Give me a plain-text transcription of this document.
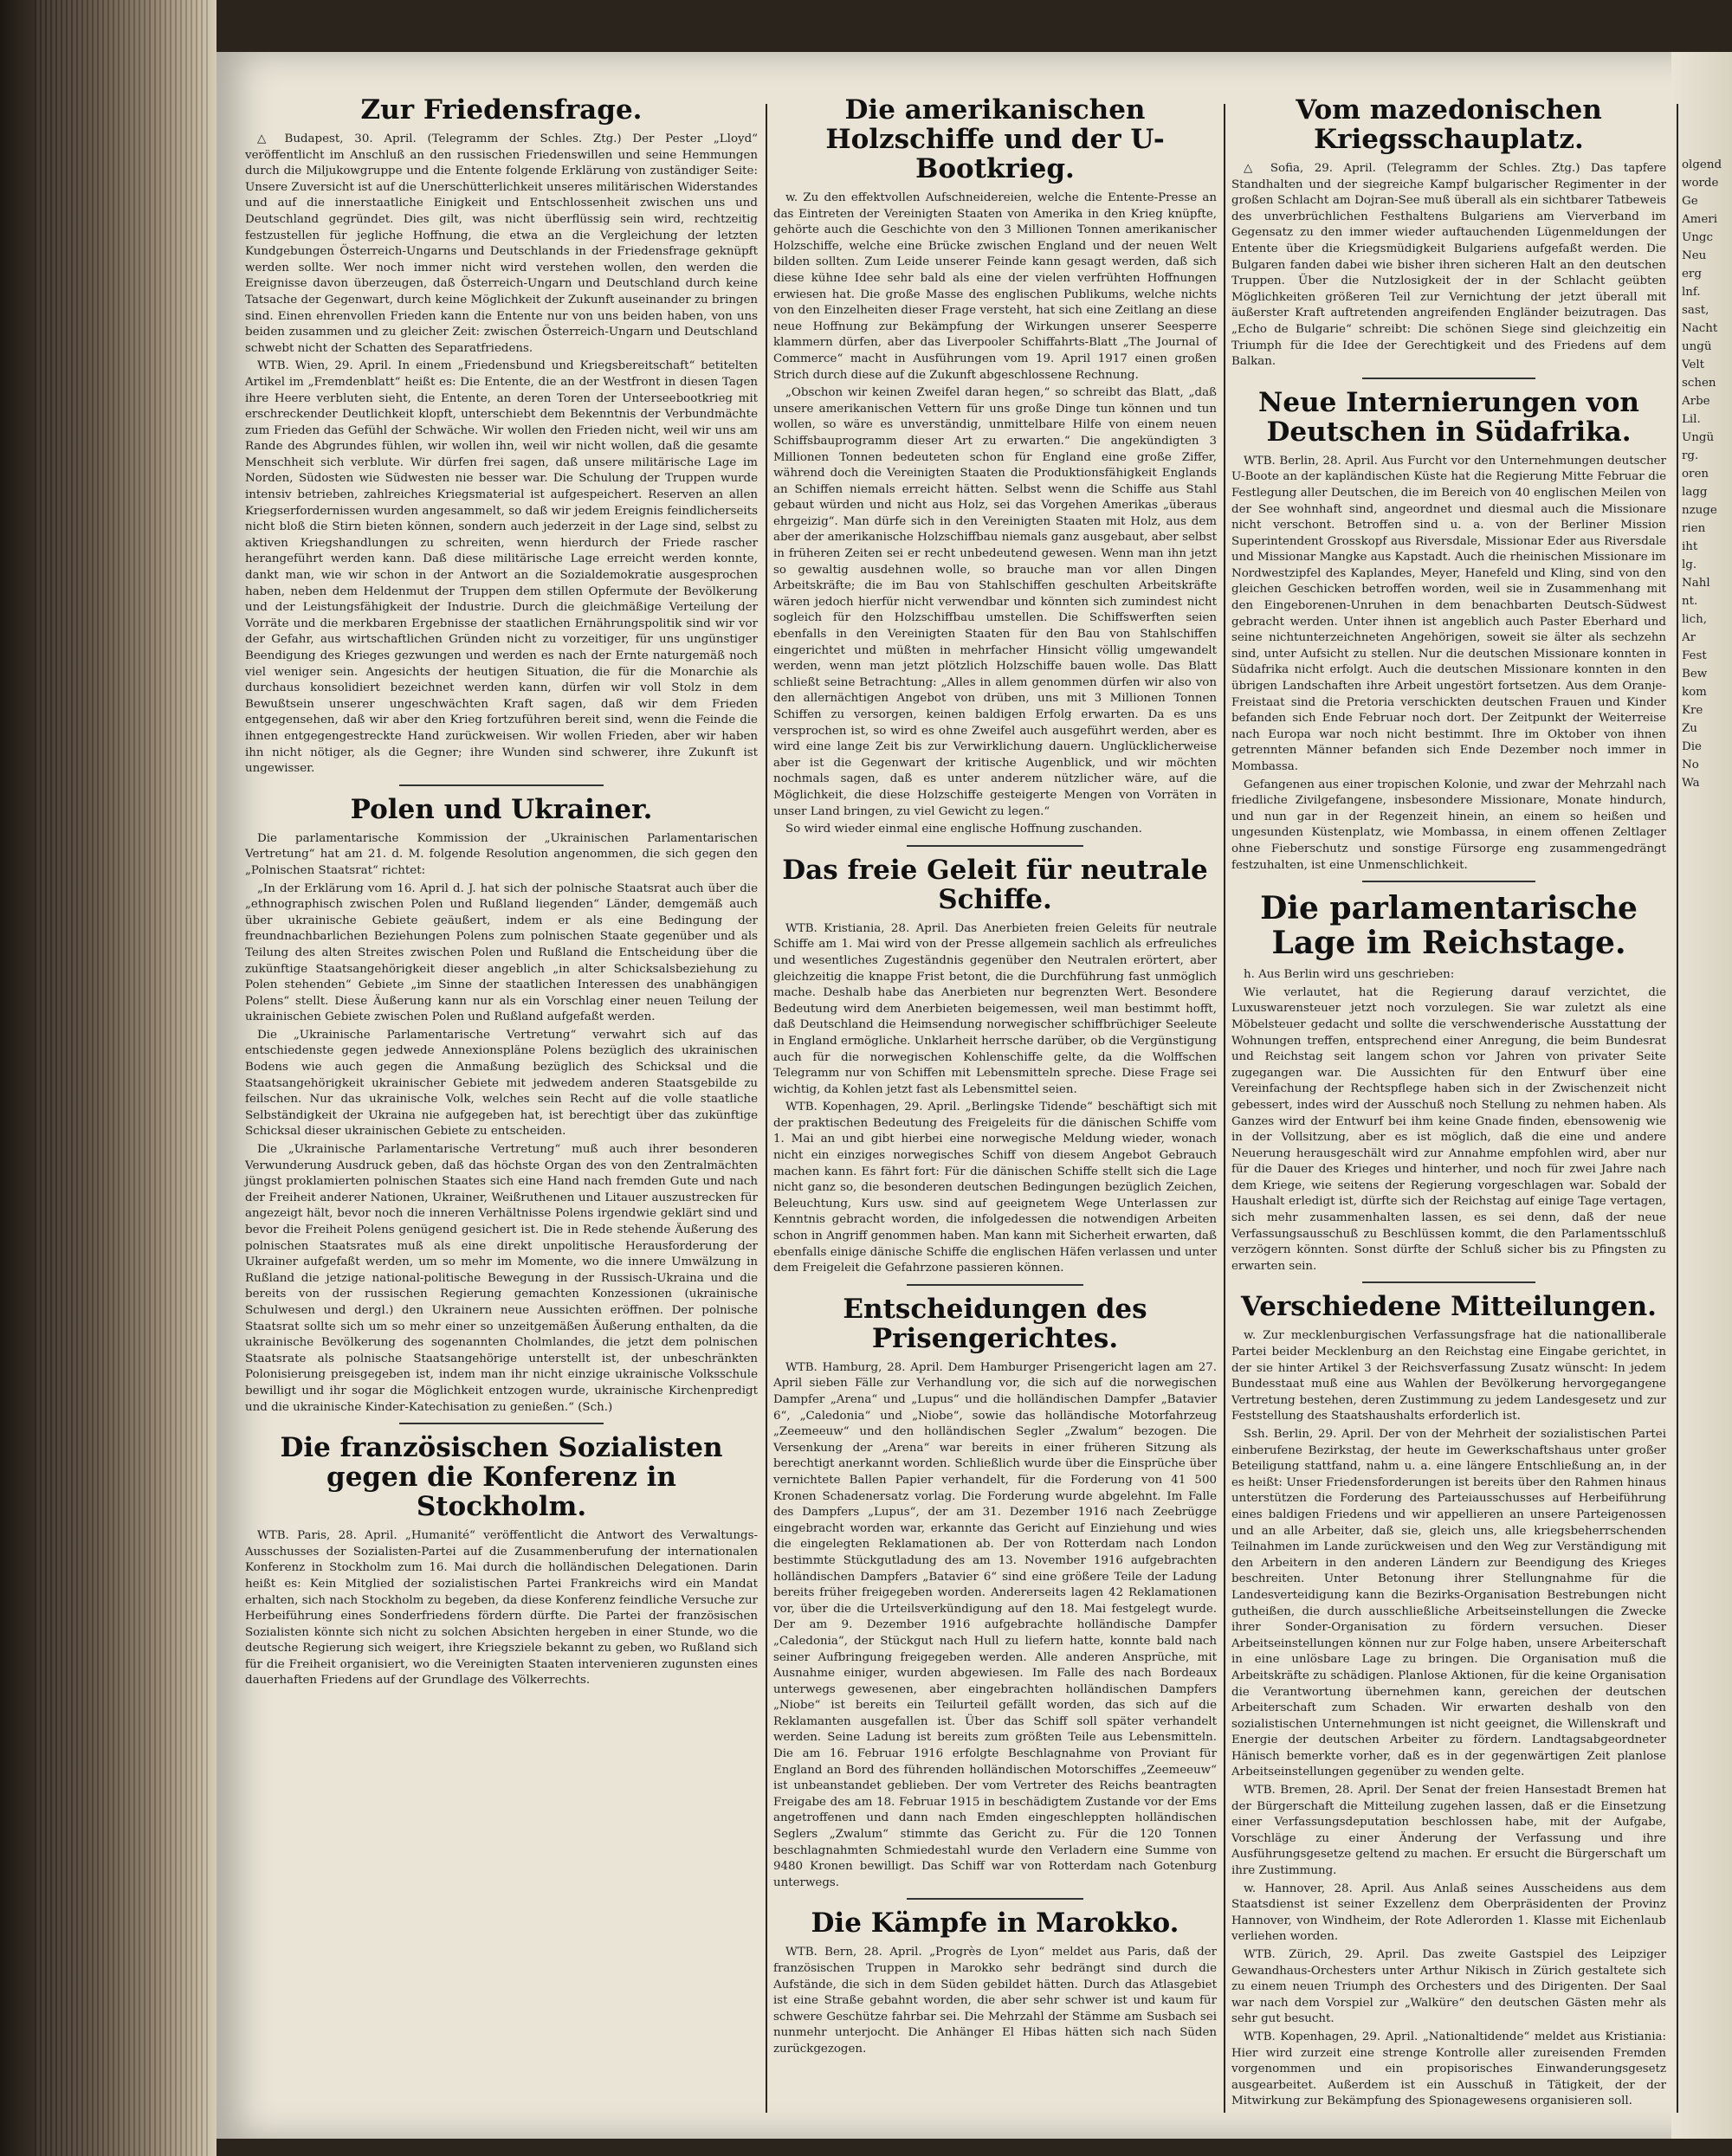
Zur Friedensfrage.
△ Budapest, 30. April. (Telegramm der Schles. Ztg.) Der Pester „Lloyd“ veröffentlicht im Anschluß an den russischen Friedenswillen und seine Hemmungen durch die Miljukowgruppe und die Entente folgende Erklärung von zuständiger Seite: Unsere Zuversicht ist auf die Unerschütterlichkeit unseres militärischen Widerstandes und auf die innerstaatliche Einigkeit und Entschlossenheit zwischen uns und Deutschland gegründet. Dies gilt, was nicht überflüssig sein wird, rechtzeitig festzustellen für jegliche Hoffnung, die etwa an die Vergleichung der letzten Kundgebungen Österreich-Ungarns und Deutschlands in der Friedensfrage geknüpft werden sollte. Wer noch immer nicht wird verstehen wollen, den werden die Ereignisse davon überzeugen, daß Österreich-Ungarn und Deutschland durch keine Tatsache der Gegenwart, durch keine Möglichkeit der Zukunft auseinander zu bringen sind. Einen ehrenvollen Frieden kann die Entente nur von uns beiden haben, von uns beiden zusammen und zu gleicher Zeit: zwischen Österreich-Ungarn und Deutschland schwebt nicht der Schatten des Separatfriedens.
WTB. Wien, 29. April. In einem „Friedensbund und Kriegsbereitschaft“ betitelten Artikel im „Fremdenblatt“ heißt es: Die Entente, die an der Westfront in diesen Tagen ihre Heere verbluten sieht, die Entente, an deren Toren der Unterseebootkrieg mit erschreckender Deutlichkeit klopft, unterschiebt dem Bekenntnis der Verbundmächte zum Frieden das Gefühl der Schwäche. Wir wollen den Frieden nicht, weil wir uns am Rande des Abgrundes fühlen, wir wollen ihn, weil wir nicht wollen, daß die gesamte Menschheit sich verblute. Wir dürfen frei sagen, daß unsere militärische Lage im Norden, Südosten wie Südwesten nie besser war. Die Schulung der Truppen wurde intensiv betrieben, zahlreiches Kriegsmaterial ist aufgespeichert. Reserven an allen Kriegserfordernissen wurden angesammelt, so daß wir jedem Ereignis feindlicherseits nicht bloß die Stirn bieten können, sondern auch jederzeit in der Lage sind, selbst zu aktiven Kriegshandlungen zu schreiten, wenn hierdurch der Friede rascher herangeführt werden kann. Daß diese militärische Lage erreicht werden konnte, dankt man, wie wir schon in der Antwort an die Sozialdemokratie ausgesprochen haben, neben dem Heldenmut der Truppen dem stillen Opfermute der Bevölkerung und der Leistungsfähigkeit der Industrie. Durch die gleichmäßige Verteilung der Vorräte und die merkbaren Ergebnisse der staatlichen Ernährungspolitik sind wir vor der Gefahr, aus wirtschaftlichen Gründen nicht zu vorzeitiger, für uns ungünstiger Beendigung des Krieges gezwungen und werden es nach der Ernte naturgemäß noch viel weniger sein. Angesichts der heutigen Situation, die für die Monarchie als durchaus konsolidiert bezeichnet werden kann, dürfen wir voll Stolz in dem Bewußtsein unserer ungeschwächten Kraft sagen, daß wir dem Frieden entgegensehen, daß wir aber den Krieg fortzuführen bereit sind, wenn die Feinde die ihnen entgegengestreckte Hand zurückweisen. Wir wollen Frieden, aber wir haben ihn nicht nötiger, als die Gegner; ihre Wunden sind schwerer, ihre Zukunft ist ungewisser.
Polen und Ukrainer.
Die parlamentarische Kommission der „Ukrainischen Parlamentarischen Vertretung“ hat am 21. d. M. folgende Resolution angenommen, die sich gegen den „Polnischen Staatsrat“ richtet:
„In der Erklärung vom 16. April d. J. hat sich der polnische Staatsrat auch über die „ethnographisch zwischen Polen und Rußland liegenden“ Länder, demgemäß auch über ukrainische Gebiete geäußert, indem er als eine Bedingung der freundnachbarlichen Beziehungen Polens zum polnischen Staate gegenüber und als Teilung des alten Streites zwischen Polen und Rußland die Entscheidung über die zukünftige Staatsangehörigkeit dieser angeblich „in alter Schicksalsbeziehung zu Polen stehenden“ Gebiete „im Sinne der staatlichen Interessen des unabhängigen Polens“ stellt. Diese Äußerung kann nur als ein Vorschlag einer neuen Teilung der ukrainischen Gebiete zwischen Polen und Rußland aufgefaßt werden.
Die „Ukrainische Parlamentarische Vertretung“ verwahrt sich auf das entschiedenste gegen jedwede Annexionspläne Polens bezüglich des ukrainischen Bodens wie auch gegen die Anmaßung bezüglich des Schicksal und die Staatsangehörigkeit ukrainischer Gebiete mit jedwedem anderen Staatsgebilde zu feilschen. Nur das ukrainische Volk, welches sein Recht auf die volle staatliche Selbständigkeit der Ukraina nie aufgegeben hat, ist berechtigt über das zukünftige Schicksal dieser ukrainischen Gebiete zu entscheiden.
Die „Ukrainische Parlamentarische Vertretung“ muß auch ihrer besonderen Verwunderung Ausdruck geben, daß das höchste Organ des von den Zentralmächten jüngst proklamierten polnischen Staates sich eine Hand nach fremden Gute und nach der Freiheit anderer Nationen, Ukrainer, Weißruthenen und Litauer auszustrecken für angezeigt hält, bevor noch die inneren Verhältnisse Polens irgendwie geklärt sind und bevor die Freiheit Polens genügend gesichert ist. Die in Rede stehende Äußerung des polnischen Staatsrates muß als eine direkt unpolitische Herausforderung der Ukrainer aufgefaßt werden, um so mehr im Momente, wo die innere Umwälzung in Rußland die jetzige national-politische Bewegung in der Russisch-Ukraina und die bereits von der russischen Regierung gemachten Konzessionen (ukrainische Schulwesen und dergl.) den Ukrainern neue Aussichten eröffnen. Der polnische Staatsrat sollte sich um so mehr einer so unzeitgemäßen Äußerung enthalten, da die ukrainische Bevölkerung des sogenannten Cholmlandes, die jetzt dem polnischen Staatsrate als polnische Staatsangehörige unterstellt ist, der unbeschränkten Polonisierung preisgegeben ist, indem man ihr nicht einzige ukrainische Volksschule bewilligt und ihr sogar die Möglichkeit entzogen wurde, ukrainische Kirchenpredigt und die ukrainische Kinder-Katechisation zu genießen.“ (Sch.)
Die französischen Sozialisten gegen die Konferenz in Stockholm.
WTB. Paris, 28. April. „Humanité“ veröffentlicht die Antwort des Verwaltungs-Ausschusses der Sozialisten-Partei auf die Zusammenberufung der internationalen Konferenz in Stockholm zum 16. Mai durch die holländischen Delegationen. Darin heißt es: Kein Mitglied der sozialistischen Partei Frankreichs wird ein Mandat erhalten, sich nach Stockholm zu begeben, da diese Konferenz feindliche Versuche zur Herbeiführung eines Sonderfriedens fördern dürfte. Die Partei der französischen Sozialisten könnte sich nicht zu solchen Absichten hergeben in einer Stunde, wo die deutsche Regierung sich weigert, ihre Kriegsziele bekannt zu geben, wo Rußland sich für die Freiheit organisiert, wo die Vereinigten Staaten intervenieren zugunsten eines dauerhaften Friedens auf der Grundlage des Völkerrechts.
Die amerikanischen Holzschiffe und der U-Bootkrieg.
w. Zu den effektvollen Aufschneidereien, welche die Entente-Presse an das Eintreten der Vereinigten Staaten von Amerika in den Krieg knüpfte, gehörte auch die Geschichte von den 3 Millionen Tonnen amerikanischer Holzschiffe, welche eine Brücke zwischen England und der neuen Welt bilden sollten. Zum Leide unserer Feinde kann gesagt werden, daß sich diese kühne Idee sehr bald als eine der vielen verfrühten Hoffnungen erwiesen hat. Die große Masse des englischen Publikums, welche nichts von den Einzelheiten dieser Frage versteht, hat sich eine Zeitlang an diese neue Hoffnung zur Bekämpfung der Wirkungen unserer Seesperre klammern dürfen, aber das Liverpooler Schiffahrts-Blatt „The Journal of Commerce“ macht in Ausführungen vom 19. April 1917 einen großen Strich durch diese auf die Zukunft abgeschlossene Rechnung.
„Obschon wir keinen Zweifel daran hegen,“ so schreibt das Blatt, „daß unsere amerikanischen Vettern für uns große Dinge tun können und tun wollen, so wäre es unverständig, unmittelbare Hilfe von einem neuen Schiffsbauprogramm dieser Art zu erwarten.“ Die angekündigten 3 Millionen Tonnen bedeuteten schon für England eine große Ziffer, während doch die Vereinigten Staaten die Produktionsfähigkeit Englands an Schiffen niemals erreicht hätten. Selbst wenn die Schiffe aus Stahl gebaut würden und nicht aus Holz, sei das Vorgehen Amerikas „überaus ehrgeizig“. Man dürfe sich in den Vereinigten Staaten mit Holz, aus dem aber der amerikanische Holzschiffbau niemals ganz ausgebaut, aber selbst in früheren Zeiten sei er recht unbedeutend gewesen. Wenn man ihn jetzt so gewaltig ausdehnen wolle, so brauche man vor allen Dingen Arbeitskräfte; die im Bau von Stahlschiffen geschulten Arbeitskräfte wären jedoch hierfür nicht verwendbar und könnten sich zumindest nicht sogleich für den Holzschiffbau umstellen. Die Schiffswerften seien ebenfalls in den Vereinigten Staaten für den Bau von Stahlschiffen eingerichtet und müßten in mehrfacher Hinsicht völlig umgewandelt werden, wenn man jetzt plötzlich Holzschiffe bauen wolle. Das Blatt schließt seine Betrachtung: „Alles in allem genommen dürfen wir also von den allernächtigen Angebot von drüben, uns mit 3 Millionen Tonnen Schiffen zu versorgen, keinen baldigen Erfolg erwarten. Da es uns versprochen ist, so wird es ohne Zweifel auch ausgeführt werden, aber es wird eine lange Zeit bis zur Verwirklichung dauern. Unglücklicherweise aber ist die Gegenwart der kritische Augenblick, und wir möchten nochmals sagen, daß es unter anderem nützlicher wäre, auf die Möglichkeit, die diese Holzschiffe gesteigerte Mengen von Vorräten in unser Land bringen, zu viel Gewicht zu legen.“
So wird wieder einmal eine englische Hoffnung zuschanden.
Das freie Geleit für neutrale Schiffe.
WTB. Kristiania, 28. April. Das Anerbieten freien Geleits für neutrale Schiffe am 1. Mai wird von der Presse allgemein sachlich als erfreuliches und wesentliches Zugeständnis gegenüber den Neutralen erörtert, aber gleichzeitig die knappe Frist betont, die die Durchführung fast unmöglich mache. Deshalb habe das Anerbieten nur begrenzten Wert. Besondere Bedeutung wird dem Anerbieten beigemessen, weil man bestimmt hofft, daß Deutschland die Heimsendung norwegischer schiffbrüchiger Seeleute in England ermögliche. Unklarheit herrsche darüber, ob die Vergünstigung auch für die norwegischen Kohlenschiffe gelte, da die Wolffschen Telegramm nur von Schiffen mit Lebensmitteln spreche. Diese Frage sei wichtig, da Kohlen jetzt fast als Lebensmittel seien.
WTB. Kopenhagen, 29. April. „Berlingske Tidende“ beschäftigt sich mit der praktischen Bedeutung des Freigeleits für die dänischen Schiffe vom 1. Mai an und gibt hierbei eine norwegische Meldung wieder, wonach nicht ein einziges norwegisches Schiff von diesem Angebot Gebrauch machen kann. Es fährt fort: Für die dänischen Schiffe stellt sich die Lage nicht ganz so, die besonderen deutschen Bedingungen bezüglich Zeichen, Beleuchtung, Kurs usw. sind auf geeignetem Wege Unterlassen zur Kenntnis gebracht worden, die infolgedessen die notwendigen Arbeiten schon in Angriff genommen haben. Man kann mit Sicherheit erwarten, daß ebenfalls einige dänische Schiffe die englischen Häfen verlassen und unter dem Freigeleit die Gefahrzone passieren können.
Entscheidungen des Prisengerichtes.
WTB. Hamburg, 28. April. Dem Hamburger Prisengericht lagen am 27. April sieben Fälle zur Verhandlung vor, die sich auf die norwegischen Dampfer „Arena“ und „Lupus“ und die holländischen Dampfer „Batavier 6“, „Caledonia“ und „Niobe“, sowie das holländische Motorfahrzeug „Zeemeeuw“ und den holländischen Segler „Zwalum“ bezogen. Die Versenkung der „Arena“ war bereits in einer früheren Sitzung als berechtigt anerkannt worden. Schließlich wurde über die Einsprüche über vernichtete Ballen Papier verhandelt, für die Forderung von 41 500 Kronen Schadenersatz vorlag. Die Forderung wurde abgelehnt. Im Falle des Dampfers „Lupus“, der am 31. Dezember 1916 nach Zeebrügge eingebracht worden war, erkannte das Gericht auf Einziehung und wies die eingelegten Reklamationen ab. Der von Rotterdam nach London bestimmte Stückgutladung des am 13. November 1916 aufgebrachten holländischen Dampfers „Batavier 6“ sind eine größere Teile der Ladung bereits früher freigegeben worden. Andererseits lagen 42 Reklamationen vor, über die die Urteilsverkündigung auf den 18. Mai festgelegt wurde. Der am 9. Dezember 1916 aufgebrachte holländische Dampfer „Caledonia“, der Stückgut nach Hull zu liefern hatte, konnte bald nach seiner Aufbringung freigegeben werden. Alle anderen Ansprüche, mit Ausnahme einiger, wurden abgewiesen. Im Falle des nach Bordeaux unterwegs gewesenen, aber eingebrachten holländischen Dampfers „Niobe“ ist bereits ein Teilurteil gefällt worden, das sich auf die Reklamanten ausgefallen ist. Über das Schiff soll später verhandelt werden. Seine Ladung ist bereits zum größten Teile aus Lebensmitteln. Die am 16. Februar 1916 erfolgte Beschlagnahme von Proviant für England an Bord des führenden holländischen Motorschiffes „Zeemeeuw“ ist unbeanstandet geblieben. Der vom Vertreter des Reichs beantragten Freigabe des am 18. Februar 1915 in beschädigtem Zustande vor der Ems angetroffenen und dann nach Emden eingeschleppten holländischen Seglers „Zwalum“ stimmte das Gericht zu. Für die 120 Tonnen beschlagnahmten Schmiedestahl wurde den Verladern eine Summe von 9480 Kronen bewilligt. Das Schiff war von Rotterdam nach Gotenburg unterwegs.
Die Kämpfe in Marokko.
WTB. Bern, 28. April. „Progrès de Lyon“ meldet aus Paris, daß der französischen Truppen in Marokko sehr bedrängt sind durch die Aufstände, die sich in dem Süden gebildet hätten. Durch das Atlasgebiet ist eine Straße gebahnt worden, die aber sehr schwer ist und kaum für schwere Geschütze fahrbar sei. Die Mehrzahl der Stämme am Susbach sei nunmehr unterjocht. Die Anhänger El Hibas hätten sich nach Süden zurückgezogen.
Vom mazedonischen Kriegsschauplatz.
△ Sofia, 29. April. (Telegramm der Schles. Ztg.) Das tapfere Standhalten und der siegreiche Kampf bulgarischer Regimenter in der großen Schlacht am Dojran-See muß überall als ein sichtbarer Tatbeweis des unverbrüchlichen Festhaltens Bulgariens am Vierverband im Gegensatz zu den immer wieder auftauchenden Lügenmeldungen der Entente über die Kriegsmüdigkeit Bulgariens aufgefaßt werden. Die Bulgaren fanden dabei wie bisher ihren sicheren Halt an den deutschen Truppen. Über die Nutzlosigkeit der in der Schlacht geübten Möglichkeiten größeren Teil zur Vernichtung der jetzt überall mit äußerster Kraft auftretenden angreifenden Engländer beizutragen. Das „Echo de Bulgarie“ schreibt: Die schönen Siege sind gleichzeitig ein Triumph für die Idee der Gerechtigkeit und des Friedens auf dem Balkan.
Neue Internierungen von Deutschen in Südafrika.
WTB. Berlin, 28. April. Aus Furcht vor den Unternehmungen deutscher U-Boote an der kapländischen Küste hat die Regierung Mitte Februar die Festlegung aller Deutschen, die im Bereich von 40 englischen Meilen von der See wohnhaft sind, angeordnet und diesmal auch die Missionare nicht verschont. Betroffen sind u. a. von der Berliner Mission Superintendent Grosskopf aus Riversdale, Missionar Eder aus Riversdale und Missionar Mangke aus Kapstadt. Auch die rheinischen Missionare im Nordwestzipfel des Kaplandes, Meyer, Hanefeld und Kling, sind von den gleichen Geschicken betroffen worden, weil sie in Zusammenhang mit den Eingeborenen-Unruhen in dem benachbarten Deutsch-Südwest gebracht werden. Unter ihnen ist angeblich auch Paster Eberhard und seine nichtunterzeichneten Angehörigen, soweit sie älter als sechzehn sind, unter Aufsicht zu stellen. Nur die deutschen Missionare konnten in Südafrika nicht erfolgt. Auch die deutschen Missionare konnten in den übrigen Landschaften ihre Arbeit ungestört fortsetzen. Aus dem Oranje-Freistaat sind die Pretoria verschickten deutschen Frauen und Kinder befanden sich Ende Februar noch dort. Der Zeitpunkt der Weiterreise nach Europa war noch nicht bestimmt. Ihre im Oktober von ihnen getrennten Männer befanden sich Ende Dezember noch immer in Mombassa.
Gefangenen aus einer tropischen Kolonie, und zwar der Mehrzahl nach friedliche Zivilgefangene, insbesondere Missionare, Monate hindurch, und nun gar in der Regenzeit hinein, an einem so heißen und ungesunden Küstenplatz, wie Mombassa, in einem offenen Zeltlager ohne Fieberschutz und sonstige Fürsorge eng zusammengedrängt festzuhalten, ist eine Unmenschlichkeit.
Die parlamentarische Lage im Reichstage.
h. Aus Berlin wird uns geschrieben:
Wie verlautet, hat die Regierung darauf verzichtet, die Luxuswarensteuer jetzt noch vorzulegen. Sie war zuletzt als eine Möbelsteuer gedacht und sollte die verschwenderische Ausstattung der Wohnungen treffen, entsprechend einer Anregung, die beim Bundesrat und Reichstag seit langem schon vor Jahren von privater Seite zugegangen war. Die Aussichten für den Entwurf über eine Vereinfachung der Rechtspflege haben sich in der Zwischenzeit nicht gebessert, indes wird der Ausschuß noch Stellung zu nehmen haben. Als Ganzes wird der Entwurf bei ihm keine Gnade finden, ebensowenig wie in der Vollsitzung, aber es ist möglich, daß die eine und andere Neuerung herausgeschält wird zur Annahme empfohlen wird, aber nur für die Dauer des Krieges und hinterher, und noch für zwei Jahre nach dem Kriege, wie seitens der Regierung vorgeschlagen war. Sobald der Haushalt erledigt ist, dürfte sich der Reichstag auf einige Tage vertagen, sich mehr zusammenhalten lassen, es sei denn, daß der neue Verfassungsausschuß zu Beschlüssen kommt, die den Parlamentsschluß verzögern könnten. Sonst dürfte der Schluß sicher bis zu Pfingsten zu erwarten sein.
Verschiedene Mitteilungen.
w. Zur mecklenburgischen Verfassungsfrage hat die nationalliberale Partei beider Mecklenburg an den Reichstag eine Eingabe gerichtet, in der sie hinter Artikel 3 der Reichsverfassung Zusatz wünscht: In jedem Bundesstaat muß eine aus Wahlen der Bevölkerung hervorgegangene Vertretung bestehen, deren Zustimmung zu jedem Landesgesetz und zur Feststellung des Staatshaushalts erforderlich ist.
Ssh. Berlin, 29. April. Der von der Mehrheit der sozialistischen Partei einberufene Bezirkstag, der heute im Gewerkschaftshaus unter großer Beteiligung stattfand, nahm u. a. eine längere Entschließung an, in der es heißt: Unser Friedensforderungen ist bereits über den Rahmen hinaus unterstützen die Forderung des Parteiausschusses auf Herbeiführung eines baldigen Friedens und wir appellieren an unsere Parteigenossen und an alle Arbeiter, daß sie, gleich uns, alle kriegsbeherrschenden Teilnahmen im Lande zurückweisen und den Weg zur Verständigung mit den Arbeitern in den anderen Ländern zur Beendigung des Krieges beschreiten. Unter Betonung ihrer Stellungnahme für die Landesverteidigung kann die Bezirks-Organisation Bestrebungen nicht gutheißen, die durch ausschließliche Arbeitseinstellungen die Zwecke ihrer Sonder-Organisation zu fördern versuchen. Dieser Arbeitseinstellungen können nur zur Folge haben, unsere Arbeiterschaft in eine unlösbare Lage zu bringen. Die Organisation muß die Arbeitskräfte zu schädigen. Planlose Aktionen, für die keine Organisation die Verantwortung übernehmen kann, gereichen der deutschen Arbeiterschaft zum Schaden. Wir erwarten deshalb von den sozialistischen Unternehmungen ist nicht geeignet, die Willenskraft und Energie der deutschen Arbeiter zu fördern. Landtagsabgeordneter Hänisch bemerkte vorher, daß es in der gegenwärtigen Zeit planlose Arbeitseinstellungen gegenüber zu wenden gelte.
WTB. Bremen, 28. April. Der Senat der freien Hansestadt Bremen hat der Bürgerschaft die Mitteilung zugehen lassen, daß er die Einsetzung einer Verfassungsdeputation beschlossen habe, mit der Aufgabe, Vorschläge zu einer Änderung der Verfassung und ihre Ausführungsgesetze geltend zu machen. Er ersucht die Bürgerschaft um ihre Zustimmung.
w. Hannover, 28. April. Aus Anlaß seines Ausscheidens aus dem Staatsdienst ist seiner Exzellenz dem Oberpräsidenten der Provinz Hannover, von Windheim, der Rote Adlerorden 1. Klasse mit Eichenlaub verliehen worden.
WTB. Zürich, 29. April. Das zweite Gastspiel des Leipziger Gewandhaus-Orchesters unter Arthur Nikisch in Zürich gestaltete sich zu einem neuen Triumph des Orchesters und des Dirigenten. Der Saal war nach dem Vorspiel zur „Walküre“ den deutschen Gästen mehr als sehr gut besucht.
WTB. Kopenhagen, 29. April. „Nationaltidende“ meldet aus Kristiania: Hier wird zurzeit eine strenge Kontrolle aller zureisenden Fremden vorgenommen und ein propisorisches Einwanderungsgesetz ausgearbeitet. Außerdem ist ein Ausschuß in Tätigkeit, der der Mitwirkung zur Bekämpfung des Spionagewesens organisieren soll.
olgend
worde
Ge
Ameri
Ungc
Neu
erg
lnf.
sast,
Nacht
ungü
Velt
schen
Arbe
Lil.
Ungü
rg.
oren
lagg
nzuge
rien
iht
lg.
Nahl
nt.
lich,
Ar
Fest
Bew
kom
Kre
Zu
Die
No
Wa
